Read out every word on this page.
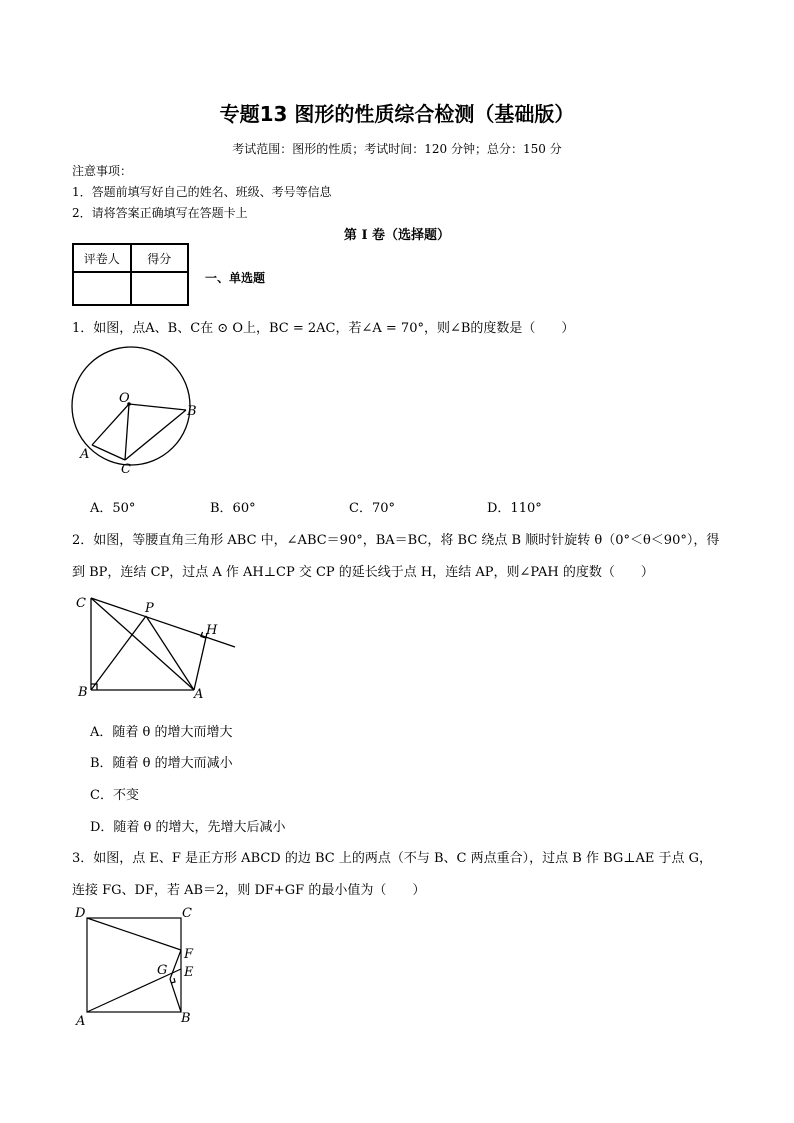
专题13 图形的性质综合检测（基础版）
考试范围：图形的性质；考试时间：120 分钟；总分：150 分
注意事项：
1．答题前填写好自己的姓名、班级、考号等信息
2．请将答案正确填写在答题卡上
第 I 卷（选择题）
评卷人	得分

一、单选题
1．如图，点A、B、C在 ⊙ O上，BC = 2AC，若∠A = 70°，则∠B的度数是（　　）
O
B
A
C
A．50°	B．60°	C．70°	D．110°
2．如图，等腰直角三角形 ABC 中，∠ABC＝90°，BA＝BC，将 BC 绕点 B 顺时针旋转 θ（0°＜θ＜90°），得
到 BP，连结 CP，过点 A 作 AH⊥CP 交 CP 的延长线于点 H，连结 AP，则∠PAH 的度数（　　）
C	P
H
B	A
A．随着 θ 的增大而增大
B．随着 θ 的增大而减小
C．不变
D．随着 θ 的增大，先增大后减小
3．如图，点 E、F 是正方形 ABCD 的边 BC 上的两点（不与 B、C 两点重合），过点 B 作 BG⊥AE 于点 G，
连接 FG、DF，若 AB＝2，则 DF+GF 的最小值为（　　）
D	C
F
G E
A	B
